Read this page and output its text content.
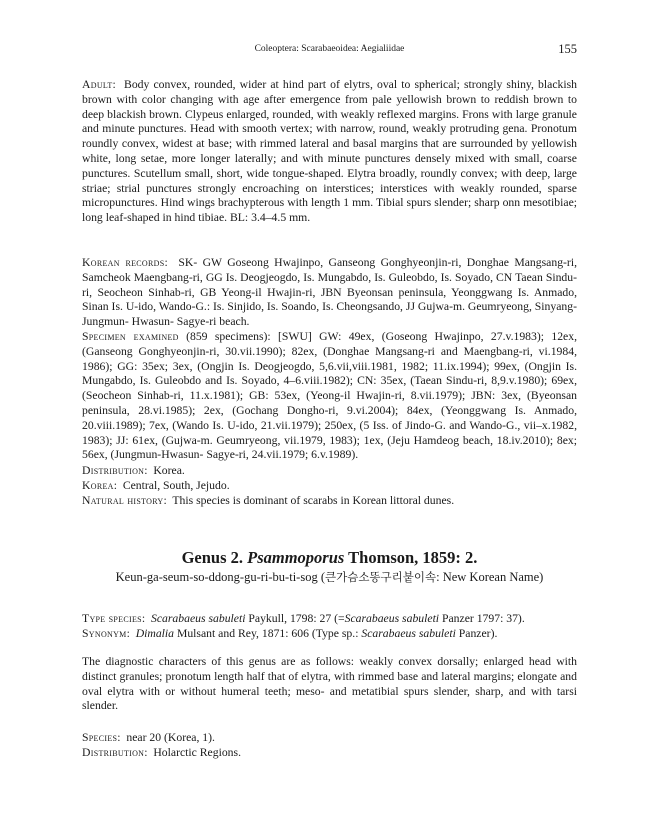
Coleoptera: Scarabaeoidea: Aegialiidae	155

Adult:  Body convex, rounded, wider at hind part of elytrs, oval to spherical; strongly shiny, blackish brown with color changing with age after emergence from pale yellowish brown to reddish brown to deep blackish brown. Clypeus enlarged, rounded, with weakly reflexed margins. Frons with large granule and minute punctures. Head with smooth vertex; with narrow, round, weakly protruding gena. Pronotum roundly convex, widest at base; with rimmed lateral and basal margins that are surrounded by yellowish white, long setae, more longer laterally; and with minute punctures densely mixed with small, coarse punctures. Scutellum small, short, wide tongue-shaped. Elytra broadly, roundly convex; with deep, large striae; strial punctures strongly encroaching on interstices; interstices with weakly rounded, sparse micropunctures. Hind wings brachypterous with length 1 mm. Tibial spurs slender; sharp onn mesotibiae; long leaf-shaped in hind tibiae. BL: 3.4–4.5 mm.

Korean records:  SK- GW Goseong Hwajinpo, Ganseong Gonghyeonjin-ri, Donghae Mangsang-ri, Samcheok Maengbang-ri, GG Is. Deogjeogdo, Is. Mungabdo, Is. Guleobdo, Is. Soyado, CN Taean Sindu-ri, Seocheon Sinhab-ri, GB Yeong-il Hwajin-ri, JBN Byeonsan peninsula, Yeonggwang Is. Anmado, Sinan Is. U-ido, Wando-G.: Is. Sinjido, Is. Soando, Is. Cheongsando, JJ Gujwa-m. Geumryeong, Sinyang- Jungmun- Hwasun- Sagye-ri beach.

Specimen examined (859 specimens): [SWU] GW: 49ex, (Goseong Hwajinpo, 27.v.1983); 12ex, (Ganseong Gonghyeonjin-ri, 30.vii.1990); 82ex, (Donghae Mangsang-ri and Maengbang-ri, vi.1984, 1986); GG: 35ex; 3ex, (Ongjin Is. Deogjeogdo, 5,6.vii,viii.1981, 1982; 11.ix.1994); 99ex, (Ongjin Is. Mungabdo, Is. Guleobdo and Is. Soyado, 4–6.viii.1982); CN: 35ex, (Taean Sindu-ri, 8,9.v.1980); 69ex, (Seocheon Sinhab-ri, 11.x.1981); GB: 53ex, (Yeong-il Hwajin-ri, 8.vii.1979); JBN: 3ex, (Byeonsan peninsula, 28.vi.1985); 2ex, (Gochang Dongho-ri, 9.vi.2004); 84ex, (Yeonggwang Is. Anmado, 20.viii.1989); 7ex, (Wando Is. U-ido, 21.vii.1979); 250ex, (5 Iss. of Jindo-G. and Wando-G., vii–x.1982, 1983); JJ: 61ex, (Gujwa-m. Geumryeong, vii.1979, 1983); 1ex, (Jeju Hamdeog beach, 18.iv.2010); 8ex; 56ex, (Jungmun-Hwasun- Sagye-ri, 24.vii.1979; 6.v.1989).

Distribution:  Korea.

Korea:  Central, South, Jejudo.

Natural history:  This species is dominant of scarabs in Korean littoral dunes.

Genus 2. Psammoporus Thomson, 1859: 2.

Keun-ga-seum-so-ddong-gu-ri-bu-ti-sog (큰가슴소똥구리붙이속: New Korean Name)

Type species:  Scarabaeus sabuleti Paykull, 1798: 27 (=Scarabaeus sabuleti Panzer 1797: 37).

Synonym:  Dimalia Mulsant and Rey, 1871: 606 (Type sp.: Scarabaeus sabuleti Panzer).

The diagnostic characters of this genus are as follows: weakly convex dorsally; enlarged head with distinct granules; pronotum length half that of elytra, with rimmed base and lateral margins; elongate and oval elytra with or without humeral teeth; meso- and metatibial spurs slender, sharp, and with tarsi slender.

Species:  near 20 (Korea, 1).

Distribution:  Holarctic Regions.
